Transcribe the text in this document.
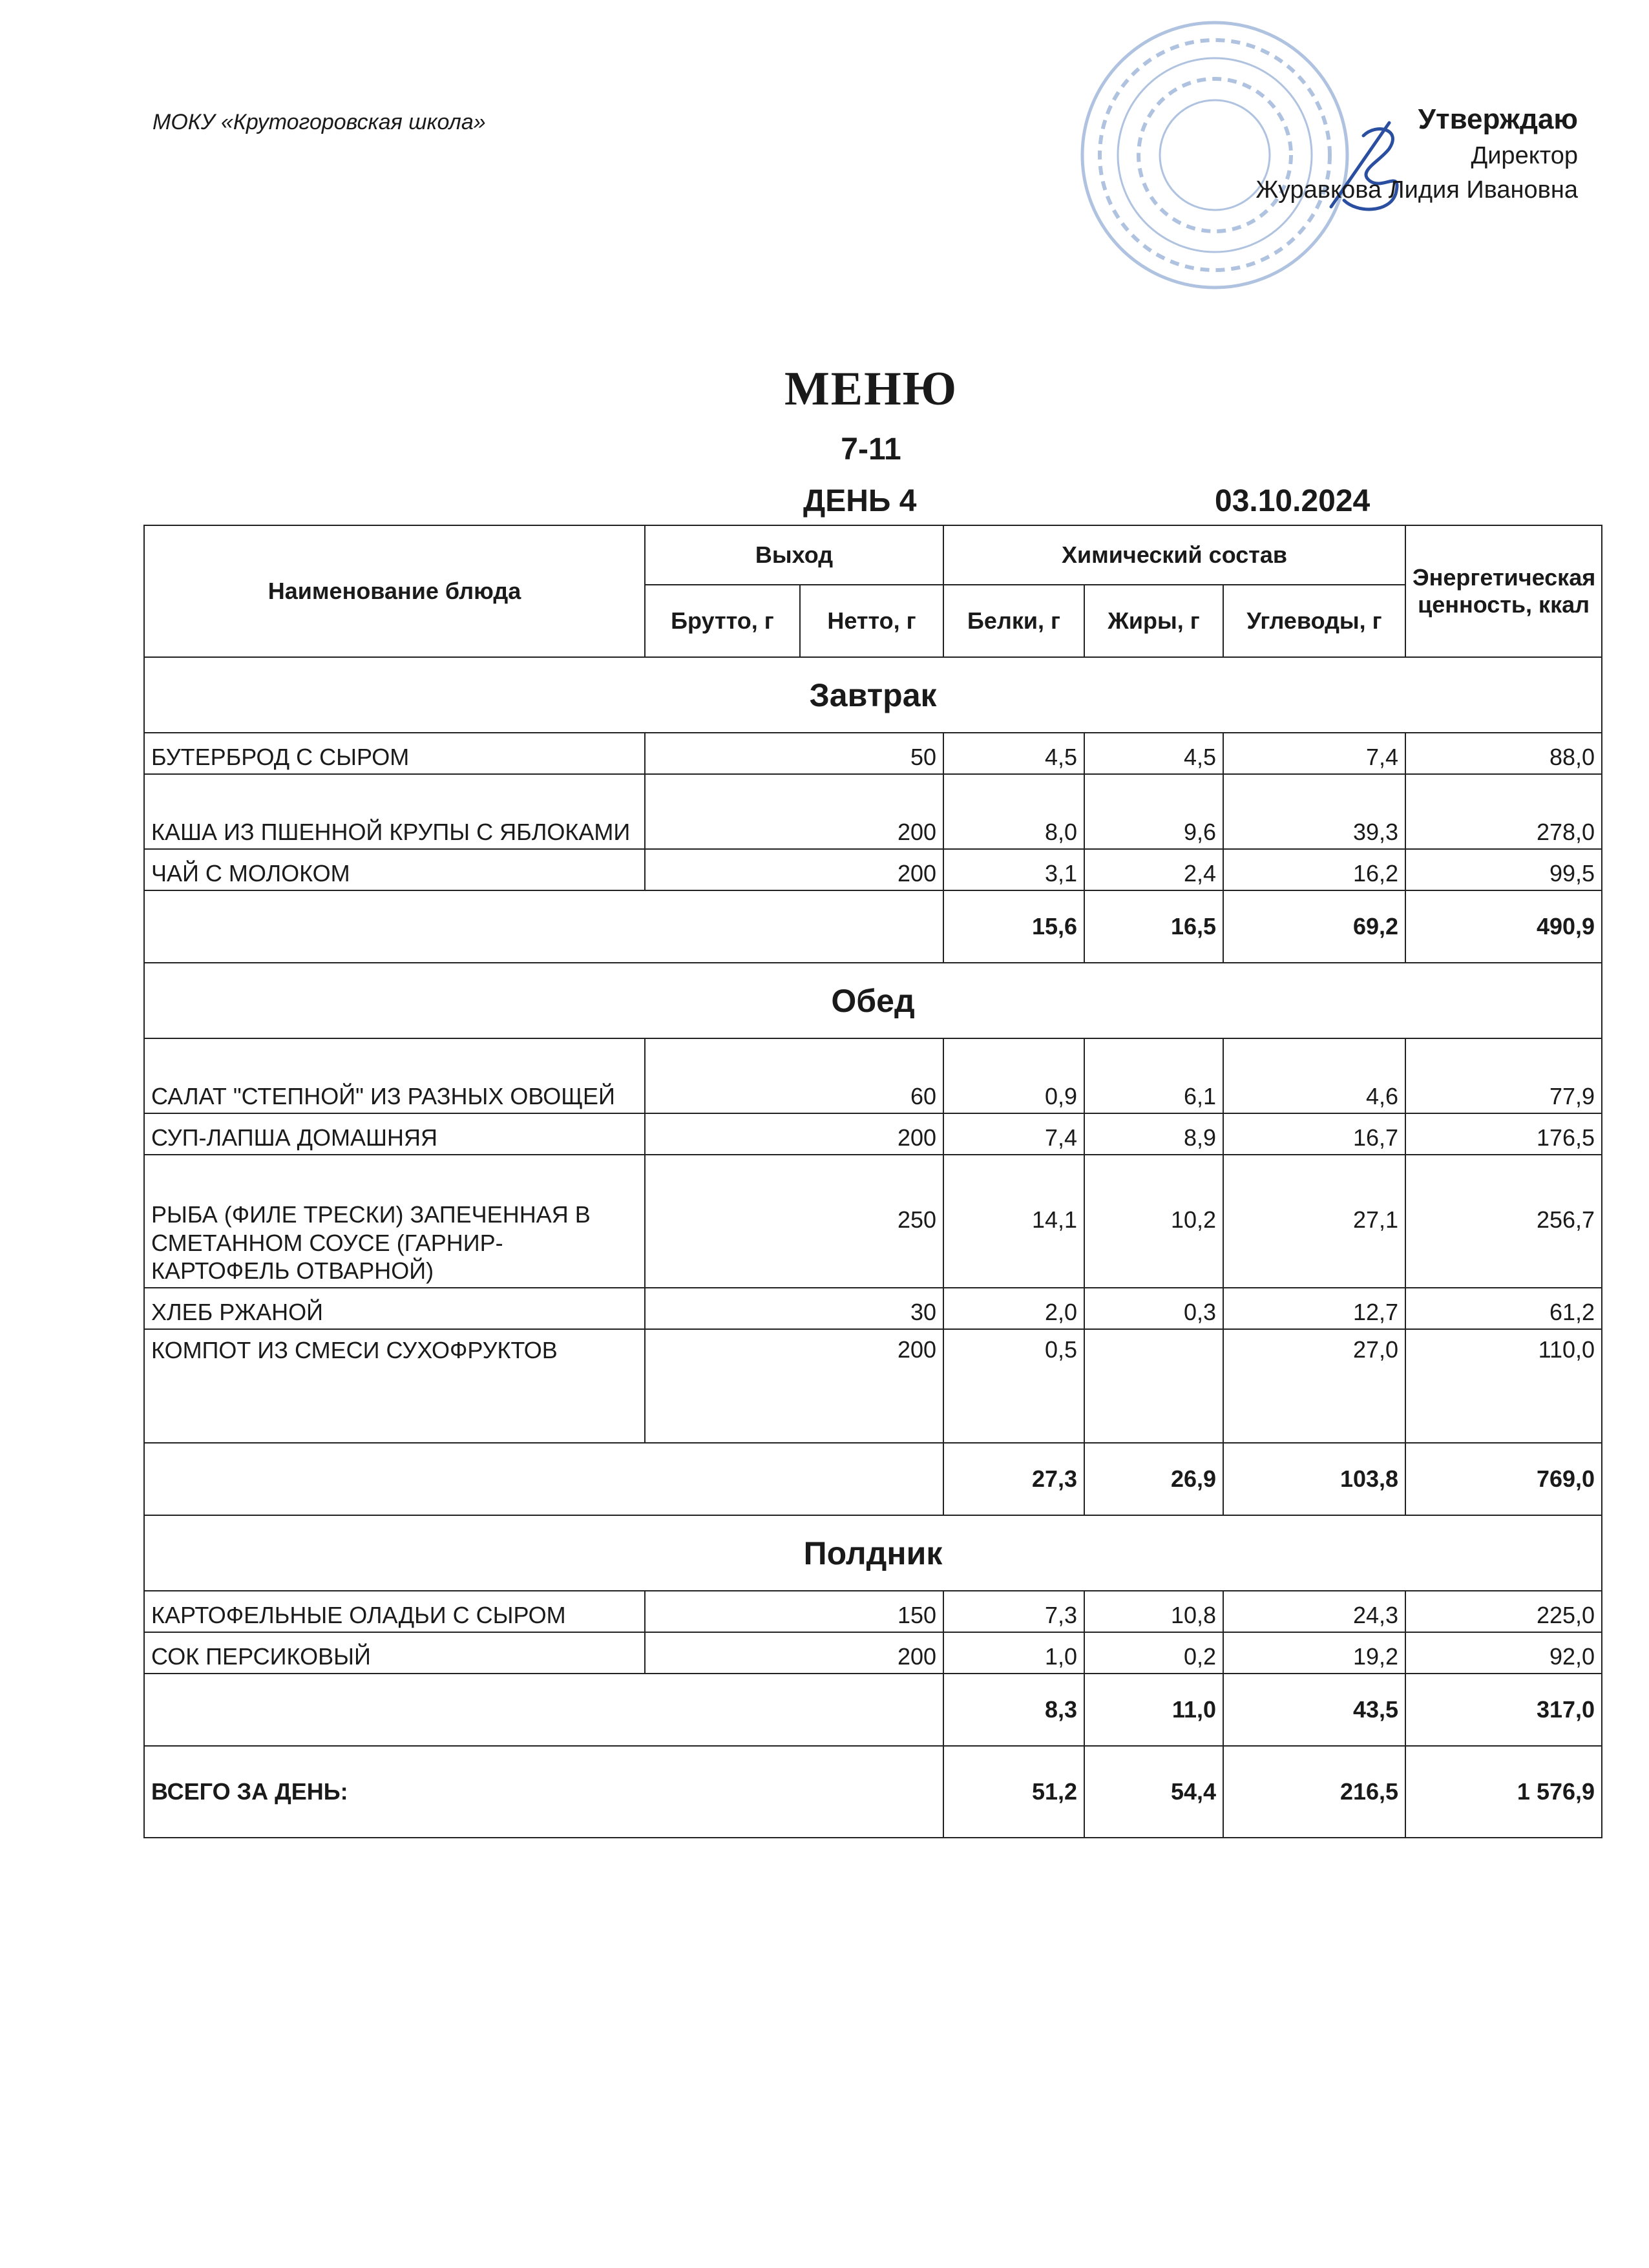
МОКУ «Крутогоровская школа»	Утверждаю
Директор
Журавкова Лидия Ивановна
МЕНЮ
7-11
ДЕНЬ 4	03.10.2024
Наименование блюда	Выход		Химический состав			Энергетическая ценность, ккал
	Брутто, г	Нетто, г	Белки, г	Жиры, г	Углеводы, г	
Завтрак						
БУТЕРБРОД С СЫРОМ	50		4,5	4,5	7,4	88,0
КАША ИЗ ПШЕННОЙ КРУПЫ С ЯБЛОКАМИ	200		8,0	9,6	39,3	278,0
ЧАЙ С МОЛОКОМ	200		3,1	2,4	16,2	99,5
			15,6	16,5	69,2	490,9
Обед						
САЛАТ "СТЕПНОЙ" ИЗ РАЗНЫХ ОВОЩЕЙ	60		0,9	6,1	4,6	77,9
СУП-ЛАПША ДОМАШНЯЯ	200		7,4	8,9	16,7	176,5
РЫБА (ФИЛЕ ТРЕСКИ) ЗАПЕЧЕННАЯ В СМЕТАННОМ СОУСЕ (ГАРНИР-КАРТОФЕЛЬ ОТВАРНОЙ)	250		14,1	10,2	27,1	256,7
ХЛЕБ РЖАНОЙ	30		2,0	0,3	12,7	61,2
КОМПОТ ИЗ СМЕСИ СУХОФРУКТОВ	200		0,5		27,0	110,0
			27,3	26,9	103,8	769,0
Полдник						
КАРТОФЕЛЬНЫЕ ОЛАДЬИ С СЫРОМ	150		7,3	10,8	24,3	225,0
СОК ПЕРСИКОВЫЙ	200		1,0	0,2	19,2	92,0
			8,3	11,0	43,5	317,0
ВСЕГО ЗА ДЕНЬ:			51,2	54,4	216,5	1 576,9
